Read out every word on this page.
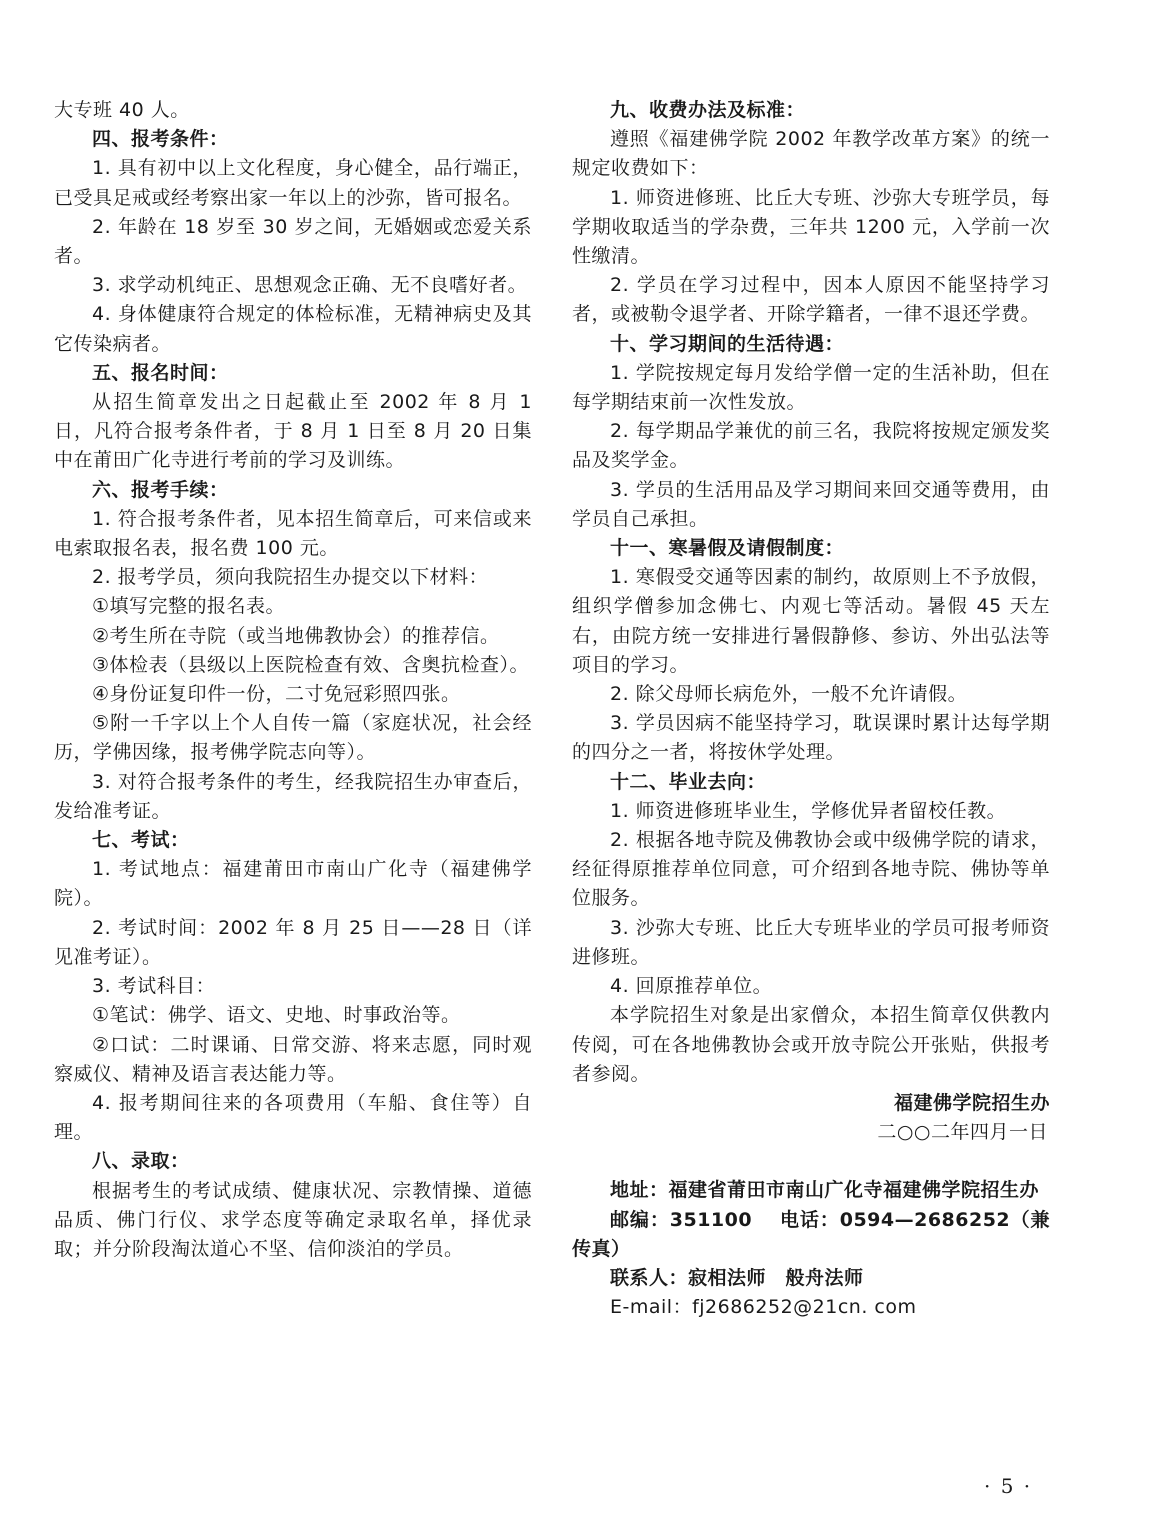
大专班 40 人。

四、报考条件：

1. 具有初中以上文化程度，身心健全，品行端正，已受具足戒或经考察出家一年以上的沙弥，皆可报名。

2. 年龄在 18 岁至 30 岁之间，无婚姻或恋爱关系者。

3. 求学动机纯正、思想观念正确、无不良嗜好者。

4. 身体健康符合规定的体检标准，无精神病史及其它传染病者。

五、报名时间：

从招生简章发出之日起截止至 2002 年 8 月 1 日，凡符合报考条件者，于 8 月 1 日至 8 月 20 日集中在莆田广化寺进行考前的学习及训练。

六、报考手续：

1. 符合报考条件者，见本招生简章后，可来信或来电索取报名表，报名费 100 元。

2. 报考学员，须向我院招生办提交以下材料：

①填写完整的报名表。

②考生所在寺院（或当地佛教协会）的推荐信。

③体检表（县级以上医院检查有效、含奥抗检查）。

④身份证复印件一份，二寸免冠彩照四张。

⑤附一千字以上个人自传一篇（家庭状况，社会经历，学佛因缘，报考佛学院志向等）。

3. 对符合报考条件的考生，经我院招生办审查后，发给准考证。

七、考试：

1. 考试地点：福建莆田市南山广化寺（福建佛学院）。

2. 考试时间：2002 年 8 月 25 日——28 日（详见准考证）。

3. 考试科目：

①笔试：佛学、语文、史地、时事政治等。

②口试：二时课诵、日常交游、将来志愿，同时观察威仪、精神及语言表达能力等。

4. 报考期间往来的各项费用（车船、食住等）自理。

八、录取：

根据考生的考试成绩、健康状况、宗教情操、道德品质、佛门行仪、求学态度等确定录取名单，择优录取；并分阶段淘汰道心不坚、信仰淡泊的学员。

九、收费办法及标准：

遵照《福建佛学院 2002 年教学改革方案》的统一规定收费如下：

1. 师资进修班、比丘大专班、沙弥大专班学员，每学期收取适当的学杂费，三年共 1200 元，入学前一次性缴清。

2. 学员在学习过程中，因本人原因不能坚持学习者，或被勒令退学者、开除学籍者，一律不退还学费。

十、学习期间的生活待遇：

1. 学院按规定每月发给学僧一定的生活补助，但在每学期结束前一次性发放。

2. 每学期品学兼优的前三名，我院将按规定颁发奖品及奖学金。

3. 学员的生活用品及学习期间来回交通等费用，由学员自己承担。

十一、寒暑假及请假制度：

1. 寒假受交通等因素的制约，故原则上不予放假，组织学僧参加念佛七、内观七等活动。暑假 45 天左右，由院方统一安排进行暑假静修、参访、外出弘法等项目的学习。

2. 除父母师长病危外，一般不允许请假。

3. 学员因病不能坚持学习，耽误课时累计达每学期的四分之一者，将按休学处理。

十二、毕业去向：

1. 师资进修班毕业生，学修优异者留校任教。

2. 根据各地寺院及佛教协会或中级佛学院的请求，经征得原推荐单位同意，可介绍到各地寺院、佛协等单位服务。

3. 沙弥大专班、比丘大专班毕业的学员可报考师资进修班。

4. 回原推荐单位。

本学院招生对象是出家僧众，本招生简章仅供教内传阅，可在各地佛教协会或开放寺院公开张贴，供报考者参阅。

福建佛学院招生办

二○○二年四月一日

地址：福建省莆田市南山广化寺福建佛学院招生办

邮编：351100　 电话：0594—2686252（兼传真）

联系人：寂相法师　般舟法师

E-mail：fj2686252@21cn. com

· 5 ·
